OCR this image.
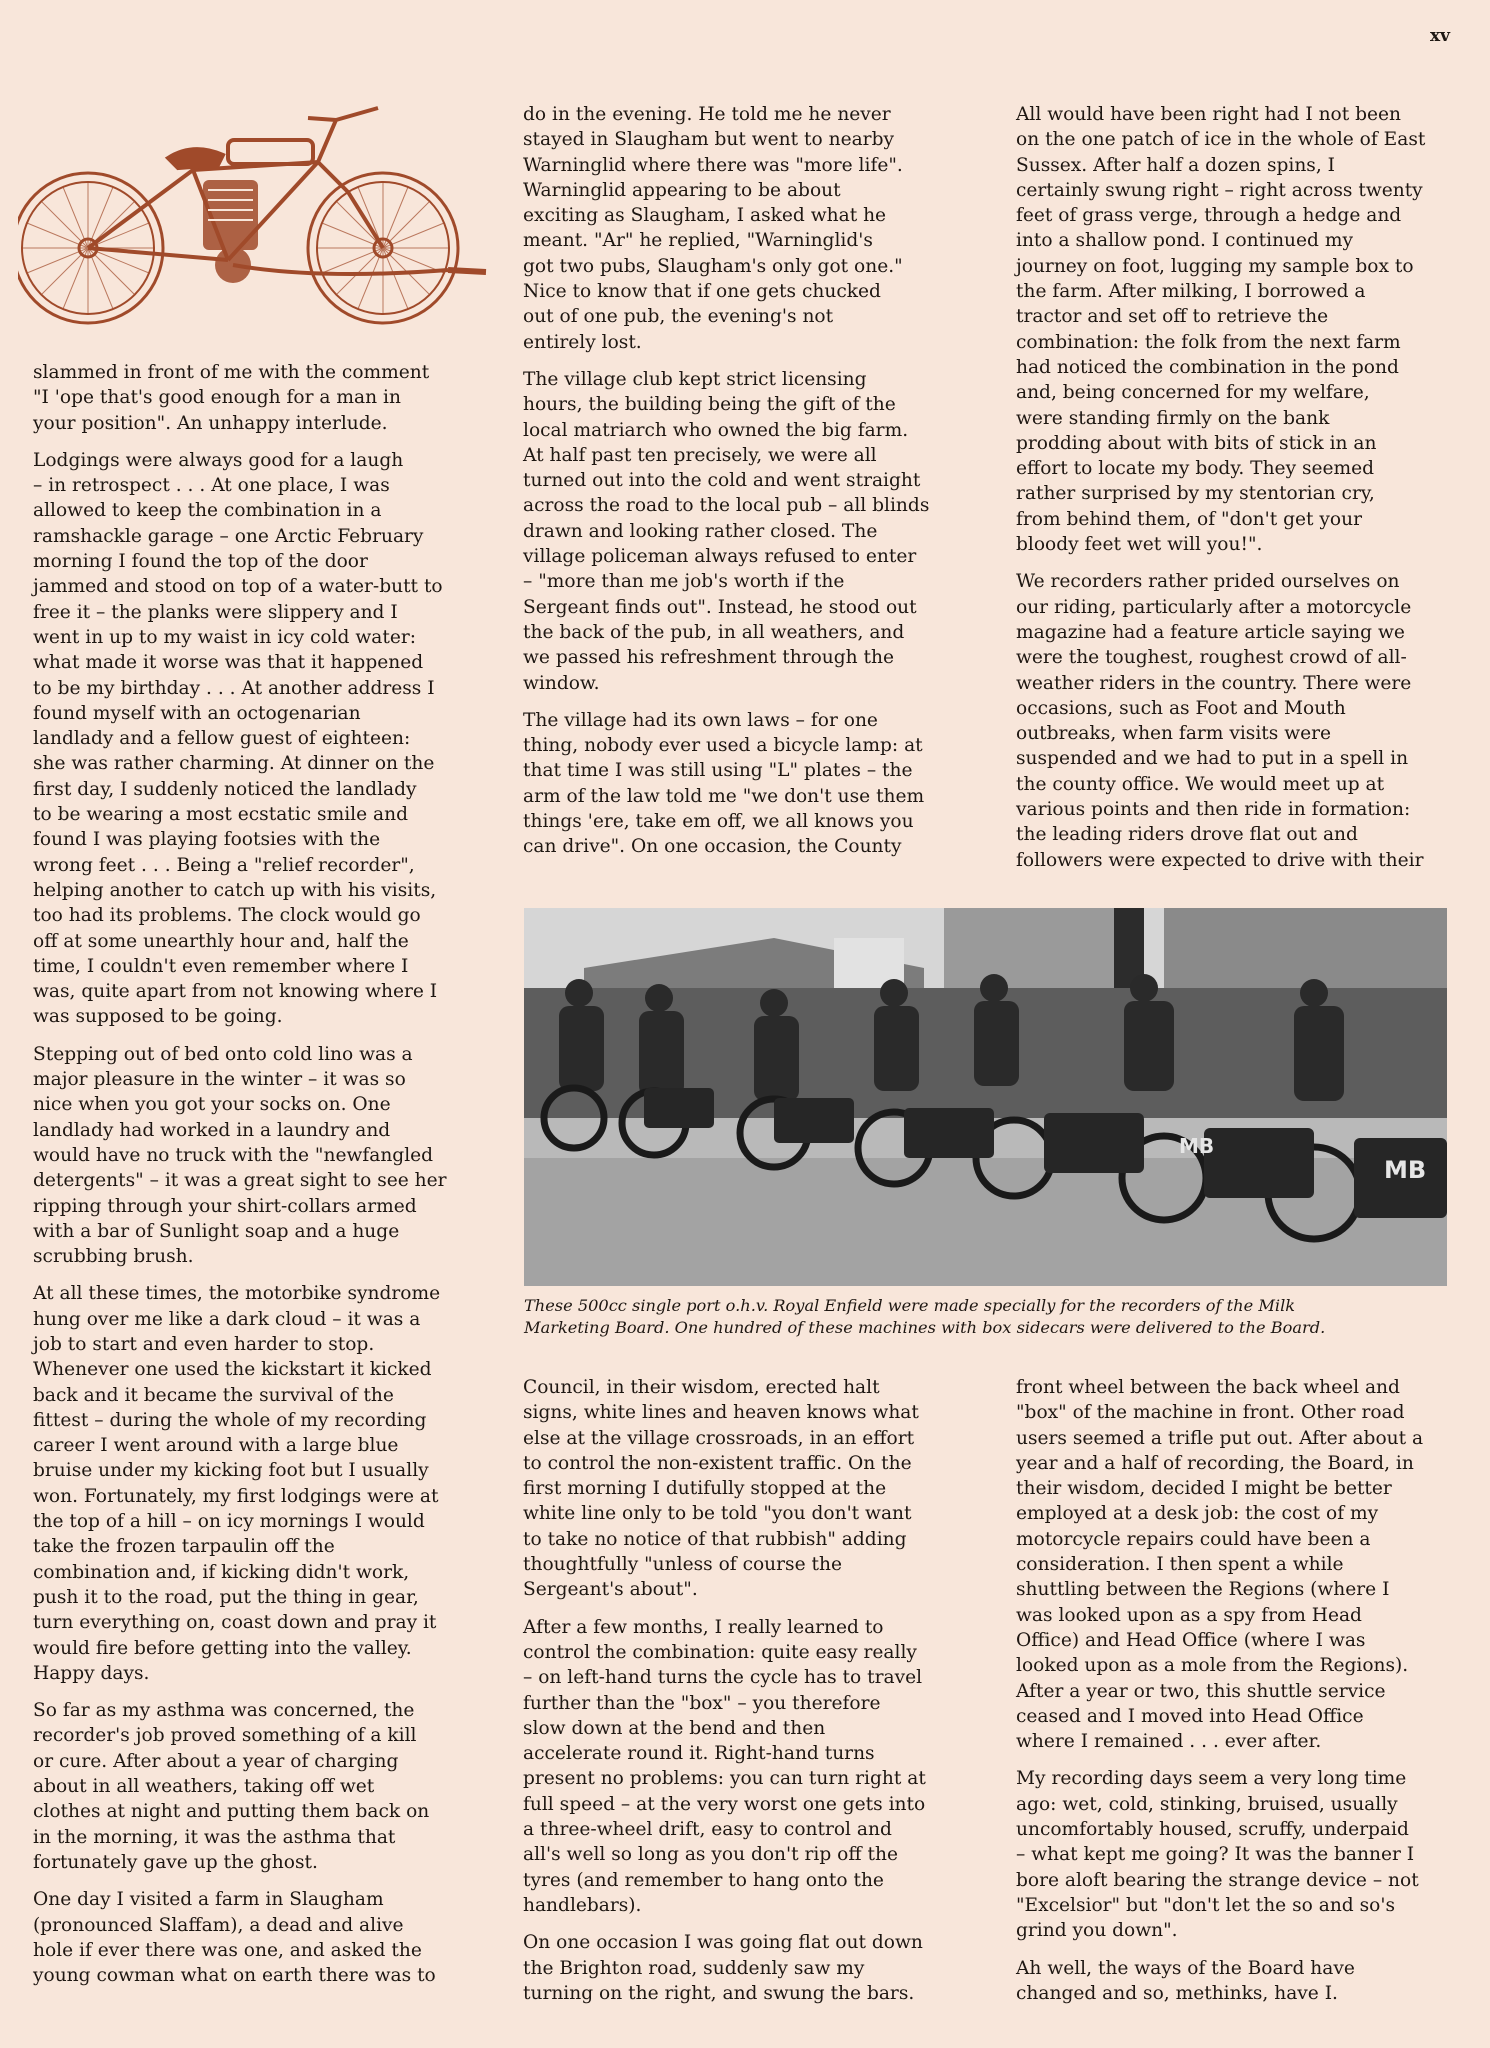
xv

slammed in front of me with the comment
"I 'ope that's good enough for a man in
your position". An unhappy interlude.

Lodgings were always good for a laugh
– in retrospect . . . At one place, I was
allowed to keep the combination in a
ramshackle garage – one Arctic February
morning I found the top of the door
jammed and stood on top of a water-butt to
free it – the planks were slippery and I
went in up to my waist in icy cold water:
what made it worse was that it happened
to be my birthday . . . At another address I
found myself with an octogenarian
landlady and a fellow guest of eighteen:
she was rather charming. At dinner on the
first day, I suddenly noticed the landlady
to be wearing a most ecstatic smile and
found I was playing footsies with the
wrong feet . . . Being a "relief recorder",
helping another to catch up with his visits,
too had its problems. The clock would go
off at some unearthly hour and, half the
time, I couldn't even remember where I
was, quite apart from not knowing where I
was supposed to be going.

Stepping out of bed onto cold lino was a
major pleasure in the winter – it was so
nice when you got your socks on. One
landlady had worked in a laundry and
would have no truck with the "newfangled
detergents" – it was a great sight to see her
ripping through your shirt-collars armed
with a bar of Sunlight soap and a huge
scrubbing brush.

At all these times, the motorbike syndrome
hung over me like a dark cloud – it was a
job to start and even harder to stop.
Whenever one used the kickstart it kicked
back and it became the survival of the
fittest – during the whole of my recording
career I went around with a large blue
bruise under my kicking foot but I usually
won. Fortunately, my first lodgings were at
the top of a hill – on icy mornings I would
take the frozen tarpaulin off the
combination and, if kicking didn't work,
push it to the road, put the thing in gear,
turn everything on, coast down and pray it
would fire before getting into the valley.
Happy days.

So far as my asthma was concerned, the
recorder's job proved something of a kill
or cure. After about a year of charging
about in all weathers, taking off wet
clothes at night and putting them back on
in the morning, it was the asthma that
fortunately gave up the ghost.

One day I visited a farm in Slaugham
(pronounced Slaffam), a dead and alive
hole if ever there was one, and asked the
young cowman what on earth there was to

do in the evening. He told me he never
stayed in Slaugham but went to nearby
Warninglid where there was "more life".
Warninglid appearing to be about
exciting as Slaugham, I asked what he
meant. "Ar" he replied, "Warninglid's
got two pubs, Slaugham's only got one."
Nice to know that if one gets chucked
out of one pub, the evening's not
entirely lost.

The village club kept strict licensing
hours, the building being the gift of the
local matriarch who owned the big farm.
At half past ten precisely, we were all
turned out into the cold and went straight
across the road to the local pub – all blinds
drawn and looking rather closed. The
village policeman always refused to enter
– "more than me job's worth if the
Sergeant finds out". Instead, he stood out
the back of the pub, in all weathers, and
we passed his refreshment through the
window.

The village had its own laws – for one
thing, nobody ever used a bicycle lamp: at
that time I was still using "L" plates – the
arm of the law told me "we don't use them
things 'ere, take em off, we all knows you
can drive". On one occasion, the County

All would have been right had I not been
on the one patch of ice in the whole of East
Sussex. After half a dozen spins, I
certainly swung right – right across twenty
feet of grass verge, through a hedge and
into a shallow pond. I continued my
journey on foot, lugging my sample box to
the farm. After milking, I borrowed a
tractor and set off to retrieve the
combination: the folk from the next farm
had noticed the combination in the pond
and, being concerned for my welfare,
were standing firmly on the bank
prodding about with bits of stick in an
effort to locate my body. They seemed
rather surprised by my stentorian cry,
from behind them, of "don't get your
bloody feet wet will you!".

We recorders rather prided ourselves on
our riding, particularly after a motorcycle
magazine had a feature article saying we
were the toughest, roughest crowd of all-
weather riders in the country. There were
occasions, such as Foot and Mouth
outbreaks, when farm visits were
suspended and we had to put in a spell in
the county office. We would meet up at
various points and then ride in formation:
the leading riders drove flat out and
followers were expected to drive with their

MB
MB
These 500cc single port o.h.v. Royal Enfield were made specially for the recorders of the Milk
Marketing Board. One hundred of these machines with box sidecars were delivered to the Board.

Council, in their wisdom, erected halt
signs, white lines and heaven knows what
else at the village crossroads, in an effort
to control the non-existent traffic. On the
first morning I dutifully stopped at the
white line only to be told "you don't want
to take no notice of that rubbish" adding
thoughtfully "unless of course the
Sergeant's about".

After a few months, I really learned to
control the combination: quite easy really
– on left-hand turns the cycle has to travel
further than the "box" – you therefore
slow down at the bend and then
accelerate round it. Right-hand turns
present no problems: you can turn right at
full speed – at the very worst one gets into
a three-wheel drift, easy to control and
all's well so long as you don't rip off the
tyres (and remember to hang onto the
handlebars).

On one occasion I was going flat out down
the Brighton road, suddenly saw my
turning on the right, and swung the bars.

front wheel between the back wheel and
"box" of the machine in front. Other road
users seemed a trifle put out. After about a
year and a half of recording, the Board, in
their wisdom, decided I might be better
employed at a desk job: the cost of my
motorcycle repairs could have been a
consideration. I then spent a while
shuttling between the Regions (where I
was looked upon as a spy from Head
Office) and Head Office (where I was
looked upon as a mole from the Regions).
After a year or two, this shuttle service
ceased and I moved into Head Office
where I remained . . . ever after.

My recording days seem a very long time
ago: wet, cold, stinking, bruised, usually
uncomfortably housed, scruffy, underpaid
– what kept me going? It was the banner I
bore aloft bearing the strange device – not
"Excelsior" but "don't let the so and so's
grind you down".

Ah well, the ways of the Board have
changed and so, methinks, have I.
